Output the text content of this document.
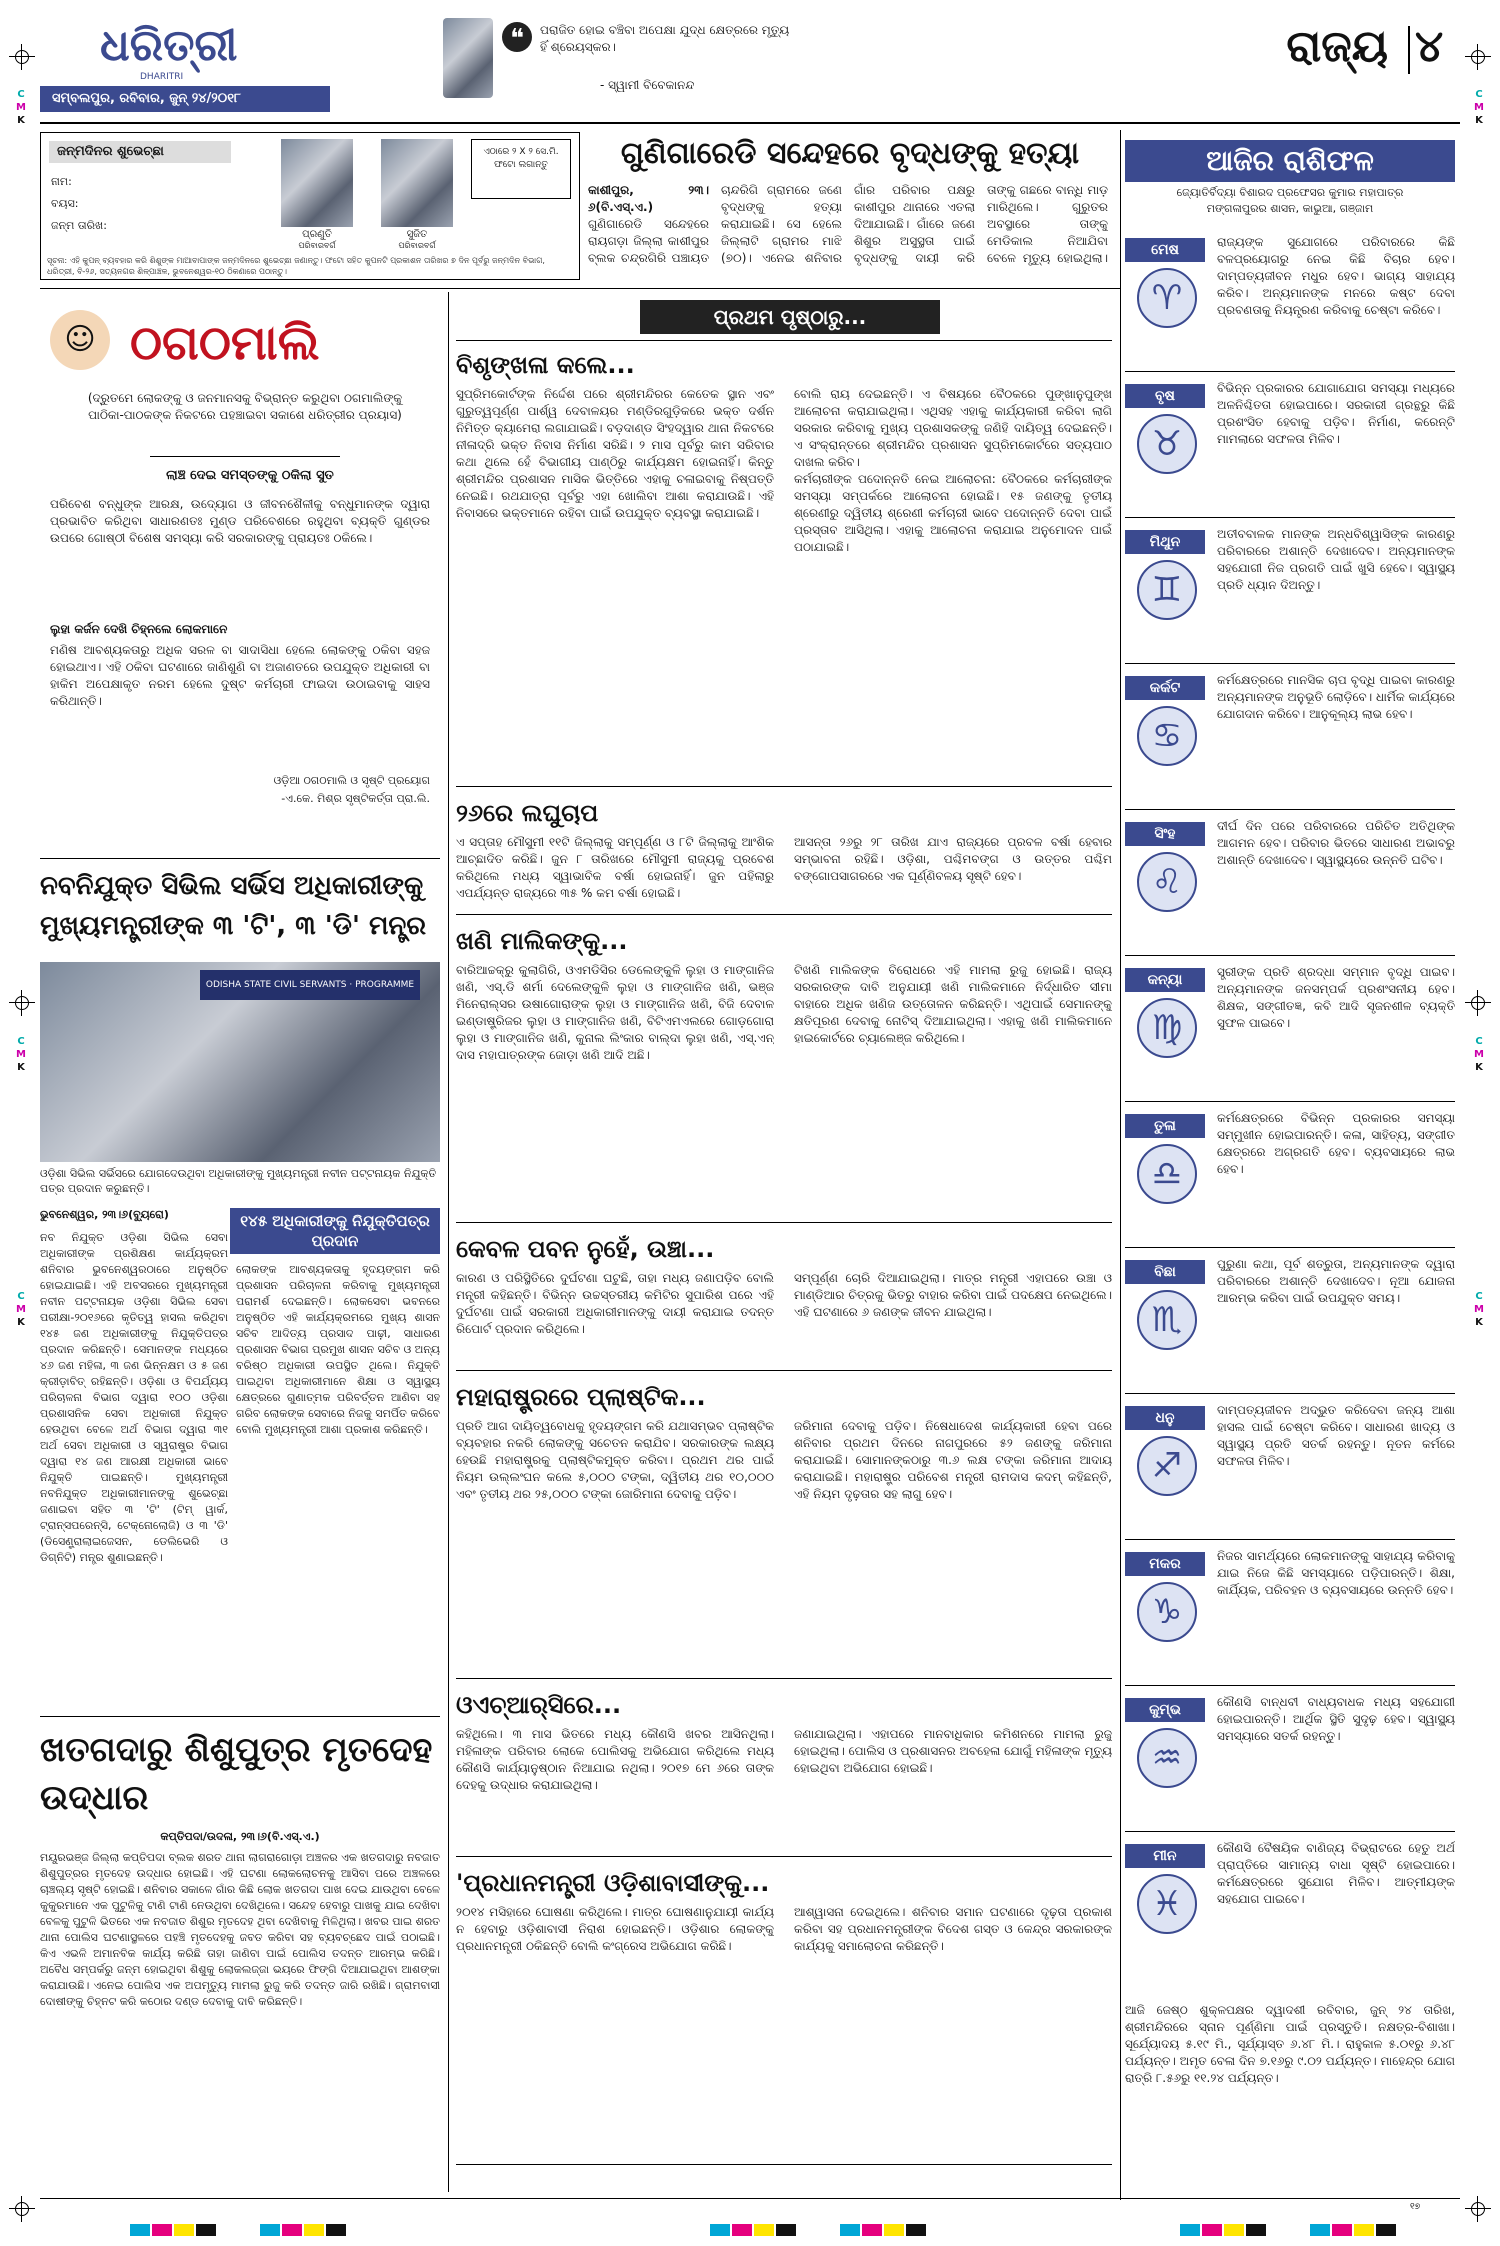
C
M
K
C
M
K
C
M
K
C
M
K
C
M
K
C
M
K
ଧରିତ୍ରୀ
DHARITRI
ସମ୍ବଲପୁର, ରବିବାର, ଜୁନ୍ ୨୪/୨୦୧୮
❝	ପରାଜିତ ହୋଇ ବଞ୍ଚିବା ଅପେକ୍ଷା ଯୁଦ୍ଧ କ୍ଷେତ୍ରରେ ମୃତ୍ୟୁ ହିଁ ଶ୍ରେୟସ୍କର।
- ସ୍ୱାମୀ ବିବେକାନନ୍ଦ
ରାଜ୍ୟ ୪
ଜନ୍ମଦିନର ଶୁଭେଚ୍ଛା
ନାମ:
ବୟସ:
ଜନ୍ମ ତାରିଖ:
ପ୍ରଣୁତି
ପରିବାରବର୍ଗ
ସୁଜିତ
ପରିବାରବର୍ଗ
ଏଠାରେ ୨ X ୨ ସେ.ମି. ଫଟୋ ଲଗାନ୍ତୁ
ସୂଚନା: ଏହି କୁପନ୍ ବ୍ୟବହାର କରି ଶିଶୁଙ୍କ ମାଆବାପାଙ୍କ ଜନ୍ମଦିନରେ ଶୁଭେଚ୍ଛା ଜଣାନ୍ତୁ। ଫଟୋ ସହିତ କୁପନଟି ପ୍ରକାଶନ ତାରିଖର ୭ ଦିନ ପୂର୍ବରୁ ଜନ୍ମଦିନ ବିଭାଗ, ଧରିତ୍ରୀ, ବି-୨୬, ସତ୍ୟନଗର ଶିଳ୍ପାଞ୍ଚଳ, ଭୁବନେଶ୍ୱର-୧୦ ଠିକଣାରେ ପଠାନ୍ତୁ।
ଗୁଣିଗାରେଡି ସନ୍ଦେହରେ ବୃଦ୍ଧଙ୍କୁ ହତ୍ୟା
କାଶୀପୁର, ୨୩।୬(ବି.ଏସ୍.ଏ.) ଗୁଣିଗାରେଡି ସନ୍ଦେହରେ ରାୟଗଡ଼ା ଜିଲ୍ଲା କାଶୀପୁର ବ୍ଲକ ଚନ୍ଦ୍ରଗିରି ପଞ୍ଚାୟତ ଚାନ୍ଦରିଗି ଗ୍ରାମରେ ଜଣେ ବୃଦ୍ଧଙ୍କୁ ହତ୍ୟା କରାଯାଇଛି। ସେ ହେଲେ ଜିଲ୍ଲାଟି ଗ୍ରାମର ମାଝି (୭୦)। ଏନେଇ ଶନିବାର ଗାଁର ପରିବାର ପକ୍ଷରୁ କାଶୀପୁର ଥାନାରେ ଏତଲା ଦିଆଯାଇଛି। ଗାଁରେ ଜଣେ ଶିଶୁର ଅସୁସ୍ଥତା ପାଇଁ ବୃଦ୍ଧଙ୍କୁ ଦାୟୀ କରି ତାଙ୍କୁ ଗଛରେ ବାନ୍ଧି ମାଡ଼ ମାରିଥିଲେ। ଗୁରୁତର ଅବସ୍ଥାରେ ତାଙ୍କୁ ମେଡିକାଲ ନିଆଯିବା ବେଳେ ମୃତ୍ୟୁ ହୋଇଥିଲା।
ଆଜିର ରାଶିଫଳ
ଜ୍ୟୋତିର୍ବିଦ୍ୟା ବିଶାରଦ ପ୍ରଫେସର କୁମାର ମହାପାତ୍ର
ମଙ୍ଗଳାପୁରର ଶାସନ, କାଭୁଆ, ଗଞ୍ଜାମ
ମେଷ
♈
ରାଜ୍ୟଙ୍କ ସୁଯୋଗରେ ପରିବାରରେ କିଛି ବଳପ୍ରୟୋଗରୁ ନେଇ କିଛି ବିଚାର ହେବ। ଦାମ୍ପତ୍ୟଜୀବନ ମଧୁର ହେବ। ଭାଗ୍ୟ ସାହାଯ୍ୟ କରିବ। ଅନ୍ୟମାନଙ୍କ ମନରେ କଷ୍ଟ ଦେବା ପ୍ରବଣତାକୁ ନିୟନ୍ତ୍ରଣ କରିବାକୁ ଚେଷ୍ଟା କରିବେ।
ବୃଷ
♉
ବିଭିନ୍ନ ପ୍ରକାରର ଯୋଗାଯୋଗ ସମସ୍ୟା ମଧ୍ୟରେ ଅଳନିଶ୍ଚିତତା ହୋଇପାରେ। ସରକାରୀ ଗ୍ରନ୍ଥରୁ କିଛି ପ୍ରଶଂସିତ ହେବାକୁ ପଡ଼ିବ। ନିର୍ମାଣ, କରେନ୍ଟି ମାମଲାରେ ସଫଳତା ମିଳିବ।
ମିଥୁନ
♊
ଅତୀବବାଳକ ମାନଙ୍କ ଅନ୍ଧବିଶ୍ୱାସିଙ୍କ କାରଣରୁ ପରିବାରରେ ଅଶାନ୍ତି ଦେଖାଦେବ। ଅନ୍ୟମାନଙ୍କ ସହଯୋଗୀ ନିଜ ପ୍ରଗତି ପାଇଁ ଖୁସି ହେବେ। ସ୍ୱାସ୍ଥ୍ୟ ପ୍ରତି ଧ୍ୟାନ ଦିଅନ୍ତୁ।
କର୍କଟ
♋
କର୍ମକ୍ଷେତ୍ରରେ ମାନସିକ ଚାପ ବୃଦ୍ଧି ପାଇବା କାରଣରୁ ଅନ୍ୟମାନଙ୍କ ଅନୁଭୂତି ଲୋଡ଼ିବେ। ଧାର୍ମିକ କାର୍ଯ୍ୟରେ ଯୋଗଦାନ କରିବେ। ଆନୁକୂଲ୍ୟ ଲାଭ ହେବ।
ସିଂହ
♌
ଦୀର୍ଘ ଦିନ ପରେ ପରିବାରରେ ପରିଚିତ ଅତିଥିଙ୍କ ଆଗମନ ହେବ। ପରିବାର ଭିତରେ ସାଧାରଣ ଅଭାବରୁ ଅଶାନ୍ତି ଦେଖାଦେବ। ସ୍ୱାସ୍ଥ୍ୟରେ ଉନ୍ନତି ଘଟିବ।
କନ୍ୟା
♍
ସ୍ତ୍ରୀଙ୍କ ପ୍ରତି ଶ୍ରଦ୍ଧା ସମ୍ମାନ ବୃଦ୍ଧି ପାଇବ। ଅନ୍ୟମାନଙ୍କ ଜନସମ୍ପର୍କ ପ୍ରଶଂସନୀୟ ହେବ। ଶିକ୍ଷକ, ସଙ୍ଗୀତଜ୍ଞ, କବି ଆଦି ସୃଜନଶୀଳ ବ୍ୟକ୍ତି ସୁଫଳ ପାଇବେ।
ତୁଳା
♎
କର୍ମକ୍ଷେତ୍ରରେ ବିଭିନ୍ନ ପ୍ରକାରର ସମସ୍ୟା ସମ୍ମୁଖୀନ ହୋଇପାରନ୍ତି। କଳା, ସାହିତ୍ୟ, ସଙ୍ଗୀତ କ୍ଷେତ୍ରରେ ଅଗ୍ରଗତି ହେବ। ବ୍ୟବସାୟରେ ଲାଭ ହେବ।
ବିଛା
♏
ପୁରୁଣା କଥା, ପୂର୍ବ ଶତ୍ରୁତା, ଅନ୍ୟମାନଙ୍କ ଦ୍ୱାରା ପରିବାରରେ ଅଶାନ୍ତି ଦେଖାଦେବ। ନୂଆ ଯୋଜନା ଆରମ୍ଭ କରିବା ପାଇଁ ଉପଯୁକ୍ତ ସମୟ।
ଧନୁ
♐
ଦାମ୍ପତ୍ୟଜୀବନ ଅଦ୍ଭୁତ କରିଦେବା ଜନ୍ୟ ଆଶା ହାସଲ ପାଇଁ ଚେଷ୍ଟା କରିବେ। ସାଧାରଣ ଖାଦ୍ୟ ଓ ସ୍ୱାସ୍ଥ୍ୟ ପ୍ରତି ସତର୍କ ରହନ୍ତୁ। ନୂତନ କର୍ମରେ ସଫଳତା ମିଳିବ।
ମକର
♑
ନିଜର ସାମର୍ଥ୍ୟରେ ଲୋକମାନଙ୍କୁ ସାହାଯ୍ୟ କରିବାକୁ ଯାଇ ନିଜେ କିଛି ସମସ୍ୟାରେ ପଡ଼ିପାରନ୍ତି। ଶିକ୍ଷା, କାର୍ଯ୍ୟିକ, ପରିବହନ ଓ ବ୍ୟବସାୟରେ ଉନ୍ନତି ହେବ।
କୁମ୍ଭ
♒
କୌଣସି ବାନ୍ଧବୀ ବାଧ୍ୟବାଧକ ମଧ୍ୟ ସହଯୋଗୀ ହୋଇପାରନ୍ତି। ଆର୍ଥିକ ସ୍ଥିତି ସୁଦୃଢ଼ ହେବ। ସ୍ୱାସ୍ଥ୍ୟ ସମସ୍ୟାରେ ସତର୍କ ରହନ୍ତୁ।
ମୀନ
♓
କୌଣସି ବୈଷୟିକ ବାଣିଜ୍ୟ ବିଭ୍ରାଟରେ ହେତୁ ଅର୍ଥ ପ୍ରାପ୍ତିରେ ସାମାନ୍ୟ ବାଧା ସୃଷ୍ଟି ହୋଇପାରେ। କର୍ମକ୍ଷେତ୍ରରେ ସୁଯୋଗ ମିଳିବ। ଆତ୍ମୀୟଙ୍କ ସହଯୋଗ ପାଇବେ।
ଆଜି ଜେଷ୍ଠ ଶୁକ୍ଳପକ୍ଷର ଦ୍ୱାଦଶୀ ରବିବାର, ଜୁନ୍ ୨୪ ତାରିଖ, ଶ୍ରୀମନ୍ଦିରରେ ସ୍ନାନ ପୂର୍ଣ୍ଣିମା ପାଇଁ ପ୍ରସ୍ତୁତି। ନକ୍ଷତ୍ର-ବିଶାଖା। ସୂର୍ଯ୍ୟୋଦୟ ୫.୧୯ ମି., ସୂର୍ଯ୍ୟାସ୍ତ ୬.୪୮ ମି.। ରାହୁକାଳ ୫.୦୧ରୁ ୬.୪୮ ପର୍ଯ୍ୟନ୍ତ। ଅମୃତ ବେଳା ଦିନ ୭.୧୬ରୁ ୯.୦୨ ପର୍ଯ୍ୟନ୍ତ। ମାହେନ୍ଦ୍ର ଯୋଗ ରାତ୍ରି ୮.୫୬ରୁ ୧୧.୨୪ ପର୍ଯ୍ୟନ୍ତ।
☺ ଠଗଠମାଲି
(ଦ୍ରୁତମେ ଲୋକଙ୍କୁ ଓ ଜନମାନସକୁ ବିଭ୍ରାନ୍ତ କରୁଥିବା ଠଗମାଲିଙ୍କୁ ପାଠିକା-ପାଠକଙ୍କ ନିକଟରେ ପହଞ୍ଚାଇବା ସକାଶେ ଧରିତ୍ରୀର ପ୍ରୟାସ)
ଲାଞ୍ଚ ଦେଇ ସମସ୍ତଙ୍କୁ ଠକିଲା ସୁତ
ପରିବେଶ ବନ୍ଧୁଙ୍କ ଆରକ୍ଷ, ଉଦ୍ୟୋଗ ଓ ଜୀବନଶୈଳୀକୁ ବନ୍ଧୁମାନଙ୍କ ଦ୍ୱାରା ପ୍ରଭାବିତ କରିଥିବା ସାଧାରଣତଃ ମୁଣ୍ଡ ପରିବେଶରେ ରହୁଥିବା ବ୍ୟକ୍ତି ଗୁଣ୍ଡର ଉପରେ ଗୋଷ୍ଠୀ ବିଶେଷ ସମସ୍ୟା କରି ସରକାରଙ୍କୁ ପ୍ରାୟତଃ ଠକିଲେ।
ଲୁହା କର୍ଜନ ଦେଖି ଚିହ୍ନଲେ ଲୋକମାନେ
ମଣିଷ ଆବଶ୍ୟକତାରୁ ଅଧିକ ସରଳ ବା ସାଦାସିଧା ହେଲେ ଲୋକଙ୍କୁ ଠକିବା ସହଜ ହୋଇଥାଏ। ଏହି ଠକିବା ଘଟଣାରେ ଜାଣିଶୁଣି ବା ଅଜାଣତରେ ଉପଯୁକ୍ତ ଅଧିକାରୀ ବା ହାକିମ ଅପେକ୍ଷାକୃତ ନରମ ହେଲେ ଦୁଷ୍ଟ କର୍ମଚାରୀ ଫାଇଦା ଉଠାଇବାକୁ ସାହସ କରିଥାନ୍ତି।
ଓଡ଼ିଆ ଠଗଠମାଲି ଓ ସୃଷ୍ଟି ପ୍ରୟୋଗ
-ଏ.କେ. ମିଶ୍ର ସୃଷ୍ଟିକର୍ତ୍ତା ପ୍ରା.ଲି.
ନବନିଯୁକ୍ତ ସିଭିଲ ସର୍ଭିସ ଅଧିକାରୀଙ୍କୁ ମୁଖ୍ୟମନ୍ତ୍ରୀଙ୍କ ୩ 'ଟି', ୩ 'ଡି' ମନ୍ତ୍ର
ODISHA STATE CIVIL SERVANTS · PROGRAMME
ଓଡ଼ିଶା ସିଭିଲ ସର୍ଭିସରେ ଯୋଗଦେଉଥିବା ଅଧିକାରୀଙ୍କୁ ମୁଖ୍ୟମନ୍ତ୍ରୀ ନବୀନ ପଟ୍ଟନାୟକ ନିଯୁକ୍ତି ପତ୍ର ପ୍ରଦାନ କରୁଛନ୍ତି।
ଭୁବନେଶ୍ୱର, ୨୩।୬(ବ୍ୟୁରୋ)	୧୪୫ ଅଧିକାରୀଙ୍କୁ ନିଯୁକ୍ତିପତ୍ର ପ୍ରଦାନ
ନବ ନିଯୁକ୍ତ ଓଡ଼ିଶା ସିଭିଲ ସେବା ଅଧିକାରୀଙ୍କ ପ୍ରଶିକ୍ଷଣ କାର୍ଯ୍ୟକ୍ରମ ଶନିବାର ଭୁବନେଶ୍ୱରଠାରେ ଅନୁଷ୍ଠିତ ହୋଇଯାଇଛି। ଏହି ଅବସରରେ ମୁଖ୍ୟମନ୍ତ୍ରୀ ନବୀନ ପଟ୍ଟନାୟକ ଓଡ଼ିଶା ସିଭିଲ ସେବା ପରୀକ୍ଷା-୨୦୧୬ରେ କୃତିତ୍ୱ ହାସଲ କରିଥିବା ୧୪୫ ଜଣ ଅଧିକାରୀଙ୍କୁ ନିଯୁକ୍ତିପତ୍ର ପ୍ରଦାନ କରିଛନ୍ତି। ସେମାନଙ୍କ ମଧ୍ୟରେ ୪୬ ଜଣ ମହିଳା, ୩ ଜଣ ଭିନ୍ନକ୍ଷମ ଓ ୫ ଜଣ କ୍ରୀଡ଼ାବିତ୍ ରହିଛନ୍ତି। ଓଡ଼ିଶା ଓ ବିପର୍ଯ୍ୟୟ ପରିଚାଳନା ବିଭାଗ ଦ୍ୱାରା ୧୦୦ ଓଡ଼ିଶା ପ୍ରଶାସନିକ ସେବା ଅଧିକାରୀ ନିଯୁକ୍ତ ହେଉଥିବା ବେଳେ ଅର୍ଥ ବିଭାଗ ଦ୍ୱାରା ୩୧ ଅର୍ଥ ସେବା ଅଧିକାରୀ ଓ ସ୍ୱରାଷ୍ଟ୍ର ବିଭାଗ ଦ୍ୱାରା ୧୪ ଜଣ ଆରକ୍ଷୀ ଅଧିକାରୀ ଭାବେ ନିଯୁକ୍ତି ପାଇଛନ୍ତି। ମୁଖ୍ୟମନ୍ତ୍ରୀ ନବନିଯୁକ୍ତ ଅଧିକାରୀମାନଙ୍କୁ ଶୁଭେଚ୍ଛା ଜଣାଇବା ସହିତ ୩ 'ଟି' (ଟିମ୍ ୱାର୍କ, ଟ୍ରାନ୍ସପରେନ୍ସି, ଟେକ୍ନୋଲୋଜି) ଓ ୩ 'ଡି' (ଡିସେଣ୍ଟ୍ରାଲାଇଜେସନ, ଡେଲିଭେରି ଓ ଡିଗ୍ନିଟି) ମନ୍ତ୍ର ଶୁଣାଇଛନ୍ତି।
ଲୋକଙ୍କ ଆବଶ୍ୟକତାକୁ ହୃଦୟଙ୍ଗମ କରି ପ୍ରଶାସନ ପରିଚାଳନା କରିବାକୁ ମୁଖ୍ୟମନ୍ତ୍ରୀ ପରାମର୍ଶ ଦେଇଛନ୍ତି। ଲୋକସେବା ଭବନରେ ଅନୁଷ୍ଠିତ ଏହି କାର୍ଯ୍ୟକ୍ରମରେ ମୁଖ୍ୟ ଶାସନ ସଚିବ ଆଦିତ୍ୟ ପ୍ରସାଦ ପାଢ଼ୀ, ସାଧାରଣ ପ୍ରଶାସନ ବିଭାଗ ପ୍ରମୁଖ ଶାସନ ସଚିବ ଓ ଅନ୍ୟ ବରିଷ୍ଠ ଅଧିକାରୀ ଉପସ୍ଥିତ ଥିଲେ। ନିଯୁକ୍ତି ପାଇଥିବା ଅଧିକାରୀମାନେ ଶିକ୍ଷା ଓ ସ୍ୱାସ୍ଥ୍ୟ କ୍ଷେତ୍ରରେ ଗୁଣାତ୍ମକ ପରିବର୍ତ୍ତନ ଆଣିବା ସହ ଗରିବ ଲୋକଙ୍କ ସେବାରେ ନିଜକୁ ସମର୍ପିତ କରିବେ ବୋଲି ମୁଖ୍ୟମନ୍ତ୍ରୀ ଆଶା ପ୍ରକାଶ କରିଛନ୍ତି।
ଖତଗଦାରୁ ଶିଶୁପୁତ୍ର ମୃତଦେହ ଉଦ୍ଧାର
କପ୍ତିପଦା/ଉଦଳା, ୨୩।୬(ବି.ଏସ୍.ଏ.)
ମୟୂରଭଞ୍ଜ ଜିଲ୍ଲା କପ୍ତିପଦା ବ୍ଲକ ଶରତ ଥାନା ଲାଗରାଗୋଡ଼ା ଅଞ୍ଚଳର ଏକ ଖତଗଦାରୁ ନବଜାତ ଶିଶୁପୁତ୍ରର ମୃତଦେହ ଉଦ୍ଧାର ହୋଇଛି। ଏହି ଘଟଣା ଲୋକଲୋଚନକୁ ଆସିବା ପରେ ଅଞ୍ଚଳରେ ଚାଞ୍ଚଲ୍ୟ ସୃଷ୍ଟି ହୋଇଛି। ଶନିବାର ସକାଳେ ଗାଁର କିଛି ଲୋକ ଖତଗଦା ପାଖ ଦେଇ ଯାଉଥିବା ବେଳେ କୁକୁରମାନେ ଏକ ପୁଟୁଳିକୁ ଟାଣି ଟାଣି ନେଉଥିବା ଦେଖିଥିଲେ। ସନ୍ଦେହ ହେବାରୁ ପାଖକୁ ଯାଇ ଦେଖିବା ବେଳକୁ ପୁଟୁଳି ଭିତରେ ଏକ ନବଜାତ ଶିଶୁର ମୃତଦେହ ଥିବା ଦେଖିବାକୁ ମିଳିଥିଲା। ଖବର ପାଇ ଶରତ ଥାନା ପୋଲିସ ଘଟଣାସ୍ଥଳରେ ପହଞ୍ଚି ମୃତଦେହକୁ ଜବତ କରିବା ସହ ବ୍ୟବଚ୍ଛେଦ ପାଇଁ ପଠାଇଛି। କିଏ ଏଭଳି ଅମାନବିକ କାର୍ଯ୍ୟ କରିଛି ତାହା ଜାଣିବା ପାଇଁ ପୋଲିସ ତଦନ୍ତ ଆରମ୍ଭ କରିଛି। ଅବୈଧ ସମ୍ପର୍କରୁ ଜନ୍ମ ହୋଇଥିବା ଶିଶୁକୁ ଲୋକଲଜ୍ଜା ଭୟରେ ଫିଙ୍ଗି ଦିଆଯାଇଥିବା ଆଶଙ୍କା କରାଯାଉଛି। ଏନେଇ ପୋଲିସ ଏକ ଅପମୃତ୍ୟୁ ମାମଲା ରୁଜୁ କରି ତଦନ୍ତ ଜାରି ରଖିଛି। ଗ୍ରାମବାସୀ ଦୋଷୀଙ୍କୁ ଚିହ୍ନଟ କରି କଠୋର ଦଣ୍ଡ ଦେବାକୁ ଦାବି କରିଛନ୍ତି।
ପ୍ରଥମ ପୃଷ୍ଠାରୁ...
ବିଶୃଙ୍ଖଳା କଲେ...
ସୁପ୍ରିମକୋର୍ଟଙ୍କ ନିର୍ଦ୍ଦେଶ ପରେ ଶ୍ରୀମନ୍ଦିରର କେତେକ ସ୍ଥାନ ଏବଂ ଗୁରୁତ୍ୱପୂର୍ଣ୍ଣ ପାର୍ଶ୍ୱ ଦେବାଳୟର ମଣ୍ଡିରଗୁଡ଼ିକରେ ଭକ୍ତ ଦର୍ଶନ ନିମିତ୍ତ କ୍ୟାମେରା ଲଗାଯାଇଛି। ବଡ଼ଦାଣ୍ଡ ସିଂହଦ୍ୱାର ଥାନା ନିକଟରେ ନୀଳାଦ୍ରି ଭକ୍ତ ନିବାସ ନିର୍ମାଣ ସରିଛି। ୨ ମାସ ପୂର୍ବରୁ କାମ ସରିବାର କଥା ଥିଲେ ହେଁ ବିଭାଗୀୟ ପାଣ୍ଠିରୁ କାର୍ଯ୍ୟକ୍ଷମ ହୋଇନାହିଁ। କିନ୍ତୁ ଶ୍ରୀମନ୍ଦିର ପ୍ରଶାସନ ମାସିକ ଭିତ୍ତିରେ ଏହାକୁ ଚଳାଇବାକୁ ନିଷ୍ପତ୍ତି ନେଇଛି। ରଥଯାତ୍ରା ପୂର୍ବରୁ ଏହା ଖୋଲିବା ଆଶା କରାଯାଉଛି। ଏହି ନିବାସରେ ଭକ୍ତମାନେ ରହିବା ପାଇଁ ଉପଯୁକ୍ତ ବ୍ୟବସ୍ଥା କରାଯାଇଛି।
ବୋଲି ରାୟ ଦେଇଛନ୍ତି। ଏ ବିଷୟରେ ବୈଠକରେ ପୁଙ୍ଖାନୁପୁଙ୍ଖ ଆଲୋଚନା କରାଯାଇଥିଲା। ଏଥିସହ ଏହାକୁ କାର୍ଯ୍ୟକାରୀ କରିବା ଲାଗି ସରକାର କରିବାକୁ ମୁଖ୍ୟ ପ୍ରଶାସକଙ୍କୁ ଜଣିହି ଦାୟିତ୍ୱ ଦେଇଛନ୍ତି। ଏ ସଂକ୍ରାନ୍ତରେ ଶ୍ରୀମନ୍ଦିର ପ୍ରଶାସନ ସୁପ୍ରିମକୋର୍ଟରେ ସତ୍ୟପାଠ ଦାଖଲ କରିବ।
କର୍ମଚାରୀଙ୍କ ପଦୋନ୍ନତି ନେଇ ଆଲୋଚନା: ବୈଠକରେ କର୍ମଚାରୀଙ୍କ ସମସ୍ୟା ସମ୍ପର୍କରେ ଆଲୋଚନା ହୋଇଛି। ୧୫ ଜଣଙ୍କୁ ତୃତୀୟ ଶ୍ରେଣୀରୁ ଦ୍ୱିତୀୟ ଶ୍ରେଣୀ କର୍ମଚାରୀ ଭାବେ ପଦୋନ୍ନତି ଦେବା ପାଇଁ ପ୍ରସ୍ତାବ ଆସିଥିଲା। ଏହାକୁ ଆଲୋଚନା କରାଯାଇ ଅନୁମୋଦନ ପାଇଁ ପଠାଯାଇଛି।
୨୬ରେ ଲଘୁଚାପ
ଏ ସପ୍ତାହ ମୌସୁମୀ ୧୧ଟି ଜିଲ୍ଲାକୁ ସମ୍ପୂର୍ଣ୍ଣ ଓ ୮ଟି ଜିଲ୍ଲାକୁ ଆଂଶିକ ଆଚ୍ଛାଦିତ କରିଛି। ଜୁନ ୮ ତାରିଖରେ ମୌସୁମୀ ରାଜ୍ୟକୁ ପ୍ରବେଶ କରିଥିଲେ ମଧ୍ୟ ସ୍ୱାଭାବିକ ବର୍ଷା ହୋଇନାହିଁ। ଜୁନ ପହିଲାରୁ ଏପର୍ଯ୍ୟନ୍ତ ରାଜ୍ୟରେ ୩୫ % କମ ବର୍ଷା ହୋଇଛି।
ଆସନ୍ତା ୨୬ରୁ ୨୮ ତାରିଖ ଯାଏ ରାଜ୍ୟରେ ପ୍ରବଳ ବର୍ଷା ହେବାର ସମ୍ଭାବନା ରହିଛି। ଓଡ଼ିଶା, ପଶ୍ଚିମବଙ୍ଗ ଓ ଉତ୍ତର ପଶ୍ଚିମ ବଙ୍ଗୋପସାଗରରେ ଏକ ଘୂର୍ଣ୍ଣିବଳୟ ସୃଷ୍ଟି ହେବ।
ଖଣି ମାଲିକଙ୍କୁ...
ବାରିଆଚ୍ଚକ୍ରୁ କୁଲାଗିରି, ଓଏମଡିସିର ଡେଲେଙ୍କୁଳି ଲୁହା ଓ ମାଙ୍ଗାନିଜ ଖଣି, ଏସ୍.ଡି ଶର୍ମା ଦେଲେଙ୍କୁଳି ଲୁହା ଓ ମାଙ୍ଗାନିଜ ଖଣି, ଭଞ୍ଜ ମିନେରାଲ୍ସର ଉଷାଗୋରାଙ୍କ ଲୁହା ଓ ମାଙ୍ଗାନିଜ ଖଣି, ବିଜି ଦେବାଳ ଇଣ୍ଡାଷ୍ଟ୍ରିଜର ଲୁହା ଓ ମାଙ୍ଗାନିଜ ଖଣି, ବିଟିଏମଏଲରେ ଗୋଡ଼ଗୋରା ଲୁହା ଓ ମାଙ୍ଗାନିଜ ଖଣି, କୁନାଲ ଲିଂକାର ବାଲ୍ଦା ଲୁହା ଖଣି, ଏସ୍.ଏନ୍ ଦାସ ମହାପାତ୍ରଙ୍କ ଜୋଡ଼ା ଖଣି ଆଦି ଅଛି।
ଟିଖଣି ମାଲିକଙ୍କ ବିରୋଧରେ ଏହି ମାମଲା ରୁଜୁ ହୋଇଛି। ରାଜ୍ୟ ସରକାରଙ୍କ ଦାବି ଅନୁଯାୟୀ ଖଣି ମାଲିକମାନେ ନିର୍ଦ୍ଧାରିତ ସୀମା ବାହାରେ ଅଧିକ ଖଣିଜ ଉତ୍ତୋଳନ କରିଛନ୍ତି। ଏଥିପାଇଁ ସେମାନଙ୍କୁ କ୍ଷତିପୂରଣ ଦେବାକୁ ନୋଟିସ୍ ଦିଆଯାଇଥିଲା। ଏହାକୁ ଖଣି ମାଲିକମାନେ ହାଇକୋର୍ଟରେ ଚ୍ୟାଲେଞ୍ଜ କରିଥିଲେ।
କେବଳ ପବନ ନୁହେଁ, ଉଞ୍ଚା...
କାରଣ ଓ ପରିସ୍ଥିତିରେ ଦୁର୍ଘଟଣା ଘଟୁଛି, ତାହା ମଧ୍ୟ ଜଣାପଡ଼ିବ ବୋଲି ମନ୍ତ୍ରୀ କହିଛନ୍ତି। ବିଭିନ୍ନ ଉଚ୍ଚସ୍ତରୀୟ କମିଟିର ସୁପାରିଶ ପରେ ଏହି ଦୁର୍ଘଟଣା ପାଇଁ ସରକାରୀ ଅଧିକାରୀମାନଙ୍କୁ ଦାୟୀ କରାଯାଇ ତଦନ୍ତ ରିପୋର୍ଟ ପ୍ରଦାନ କରିଥିଲେ।
ସମ୍ପୂର୍ଣ୍ଣ ଚୋରି ଦିଆଯାଇଥିଲା। ମାତ୍ର ମନ୍ତ୍ରୀ ଏହାପରେ ଉଞ୍ଚା ଓ ମାଣ୍ଡିଆର ଚିତ୍ରକୁ ଭିତରୁ ବାହାର କରିବା ପାଇଁ ପଦକ୍ଷେପ ନେଇଥିଲେ। ଏହି ଘଟଣାରେ ୬ ଜଣଙ୍କ ଜୀବନ ଯାଇଥିଲା।
ମହାରାଷ୍ଟ୍ରରେ ପ୍ଲାଷ୍ଟିକ...
ପ୍ରତି ଆଗ ଦାୟିତ୍ୱବୋଧକୁ ହୃଦୟଙ୍ଗମ କରି ଯଥାସମ୍ଭବ ପ୍ଲାଷ୍ଟିକ ବ୍ୟବହାର ନକରି ଲୋକଙ୍କୁ ସଚେତନ କରାଯିବ। ସରକାରଙ୍କ ଲକ୍ଷ୍ୟ ହେଉଛି ମହାରାଷ୍ଟ୍ରକୁ ପ୍ଲାଷ୍ଟିକମୁକ୍ତ କରିବା। ପ୍ରଥମ ଥର ପାଇଁ ନିୟମ ଉଲ୍ଲଂଘନ କଲେ ୫,୦୦୦ ଟଙ୍କା, ଦ୍ୱିତୀୟ ଥର ୧୦,୦୦୦ ଏବଂ ତୃତୀୟ ଥର ୨୫,୦୦୦ ଟଙ୍କା ଜୋରିମାନା ଦେବାକୁ ପଡ଼ିବ।
ଜରିମାନା ଦେବାକୁ ପଡ଼ିବ। ନିଷେଧାଦେଶ କାର୍ଯ୍ୟକାରୀ ହେବା ପରେ ଶନିବାର ପ୍ରଥମ ଦିନରେ ନାଗପୁରରେ ୫୨ ଜଣଙ୍କୁ ଜରିମାନା କରାଯାଇଛି। ସୋମାନଙ୍କଠାରୁ ୩.୬ ଲକ୍ଷ ଟଙ୍କା ଜରିମାନା ଆଦାୟ କରାଯାଇଛି। ମହାରାଷ୍ଟ୍ର ପରିବେଶ ମନ୍ତ୍ରୀ ରାମଦାସ କଦମ୍ କହିଛନ୍ତି, ଏହି ନିୟମ ଦୃଢ଼ତାର ସହ ଲାଗୁ ହେବ।
ଓଏଚ୍ଆର୍‌ସିରେ...
କହିଥିଲେ। ୩ ମାସ ଭିତରେ ମଧ୍ୟ କୌଣସି ଖବର ଆସିନଥିଲା। ମହିଳାଙ୍କ ପରିବାର ଲୋକେ ପୋଲିସକୁ ଅଭିଯୋଗ କରିଥିଲେ ମଧ୍ୟ କୌଣସି କାର୍ଯ୍ୟାନୁଷ୍ଠାନ ନିଆଯାଇ ନଥିଲା। ୨୦୧୭ ମେ ୬ରେ ତାଙ୍କ ଦେହକୁ ଉଦ୍ଧାର କରାଯାଇଥିଲା।
ଜଣାଯାଇଥିଲା। ଏହାପରେ ମାନବାଧିକାର କମିଶନରେ ମାମଲା ରୁଜୁ ହୋଇଥିଲା। ପୋଲିସ ଓ ପ୍ରଶାସନର ଅବହେଳା ଯୋଗୁଁ ମହିଳାଙ୍କ ମୃତ୍ୟୁ ହୋଇଥିବା ଅଭିଯୋଗ ହୋଇଛି।
'ପ୍ରଧାନମନ୍ତ୍ରୀ ଓଡ଼ିଶାବାସୀଙ୍କୁ...
୨୦୧୪ ମସିହାରେ ଘୋଷଣା କରିଥିଲେ। ମାତ୍ର ଘୋଷଣାନୁଯାୟୀ କାର୍ଯ୍ୟ ନ ହେବାରୁ ଓଡ଼ିଶାବାସୀ ନିରାଶ ହୋଇଛନ୍ତି। ଓଡ଼ିଶାର ଲୋକଙ୍କୁ ପ୍ରଧାନମନ୍ତ୍ରୀ ଠକିଛନ୍ତି ବୋଲି କଂଗ୍ରେସ ଅଭିଯୋଗ କରିଛି।
ଆଶ୍ୱାସନା ଦେଇଥିଲେ। ଶନିବାର ସମାନ ଘଟଣାରେ ଦୃଢ଼ତା ପ୍ରକାଶ କରିବା ସହ ପ୍ରଧାନମନ୍ତ୍ରୀଙ୍କ ବିଦେଶ ଗସ୍ତ ଓ କେନ୍ଦ୍ର ସରକାରଙ୍କ କାର୍ଯ୍ୟକୁ ସମାଲୋଚନା କରିଛନ୍ତି।
୧୭
